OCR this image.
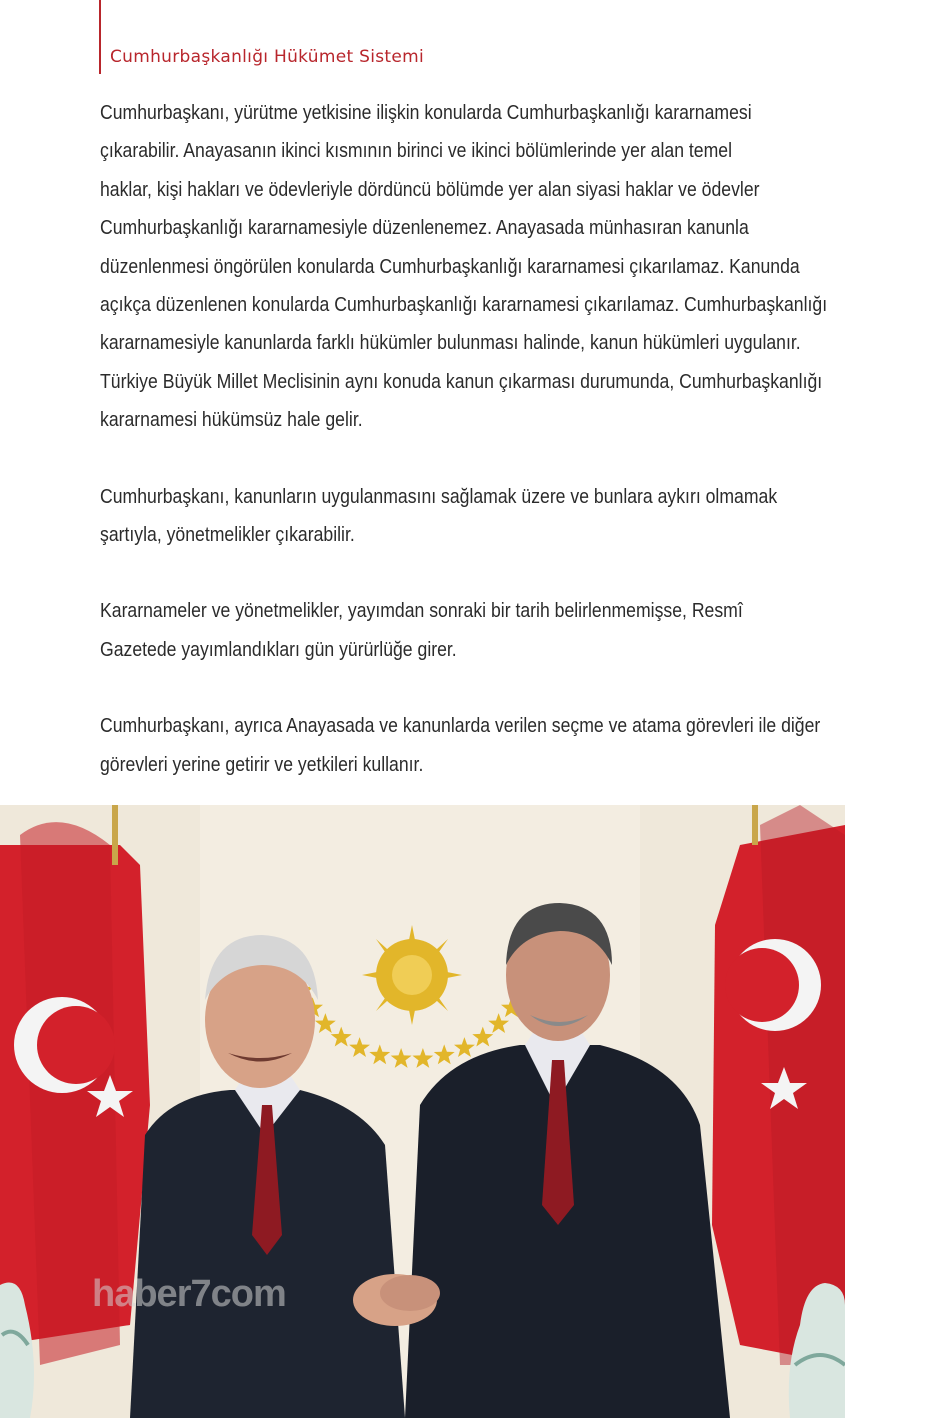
Cumhurbaşkanlığı Hükümet Sistemi

Cumhurbaşkanı, yürütme yetkisine ilişkin konularda Cumhurbaşkanlığı kararnamesi
çıkarabilir. Anayasanın ikinci kısmının birinci ve ikinci bölümlerinde yer alan temel
haklar, kişi hakları ve ödevleriyle dördüncü bölümde yer alan siyasi haklar ve ödevler
Cumhurbaşkanlığı kararnamesiyle düzenlenemez. Anayasada münhasıran kanunla
düzenlenmesi öngörülen konularda Cumhurbaşkanlığı kararnamesi çıkarılamaz. Kanunda
açıkça düzenlenen konularda Cumhurbaşkanlığı kararnamesi çıkarılamaz. Cumhurbaşkanlığı
kararnamesiyle kanunlarda farklı hükümler bulunması halinde, kanun hükümleri uygulanır.
Türkiye Büyük Millet Meclisinin aynı konuda kanun çıkarması durumunda, Cumhurbaşkanlığı
kararnamesi hükümsüz hale gelir.

Cumhurbaşkanı, kanunların uygulanmasını sağlamak üzere ve bunlara aykırı olmamak
şartıyla, yönetmelikler çıkarabilir.

Kararnameler ve yönetmelikler, yayımdan sonraki bir tarih belirlenmemişse, Resmî
Gazetede yayımlandıkları gün yürürlüğe girer.

Cumhurbaşkanı, ayrıca Anayasada ve kanunlarda verilen seçme ve atama görevleri ile diğer
görevleri yerine getirir ve yetkileri kullanır.

haber7com
